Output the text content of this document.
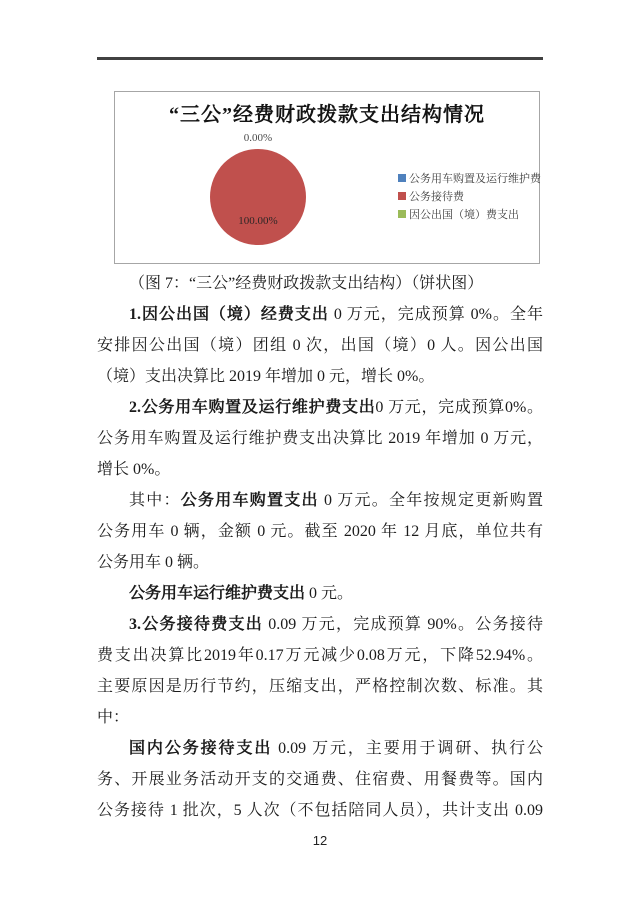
“三公”经费财政拨款支出结构情况
0.00%
100.00%
公务用车购置及运行维护费
公务接待费
因公出国（境）费支出
（图 7：“三公”经费财政拨款支出结构）（饼状图）
1.因公出国（境）经费支出 0 万元，完成预算 0%。全年
安排因公出国（境）团组 0 次，出国（境）0 人。因公出国
（境）支出决算比 2019 年增加 0 元，增长 0%。
2.公务用车购置及运行维护费支出0 万元，完成预算0%。
公务用车购置及运行维护费支出决算比 2019 年增加 0 万元，
增长 0%。
其中：公务用车购置支出 0 万元。全年按规定更新购置
公务用车 0 辆，金额 0 元。截至 2020 年 12 月底，单位共有
公务用车 0 辆。
公务用车运行维护费支出 0 元。
3.公务接待费支出 0.09 万元，完成预算 90%。公务接待
费支出决算比2019年0.17万元减少0.08万元，下降52.94%。
主要原因是历行节约，压缩支出，严格控制次数、标准。其
中：
国内公务接待支出 0.09 万元，主要用于调研、执行公
务、开展业务活动开支的交通费、住宿费、用餐费等。国内
公务接待 1 批次，5 人次（不包括陪同人员），共计支出 0.09
12
